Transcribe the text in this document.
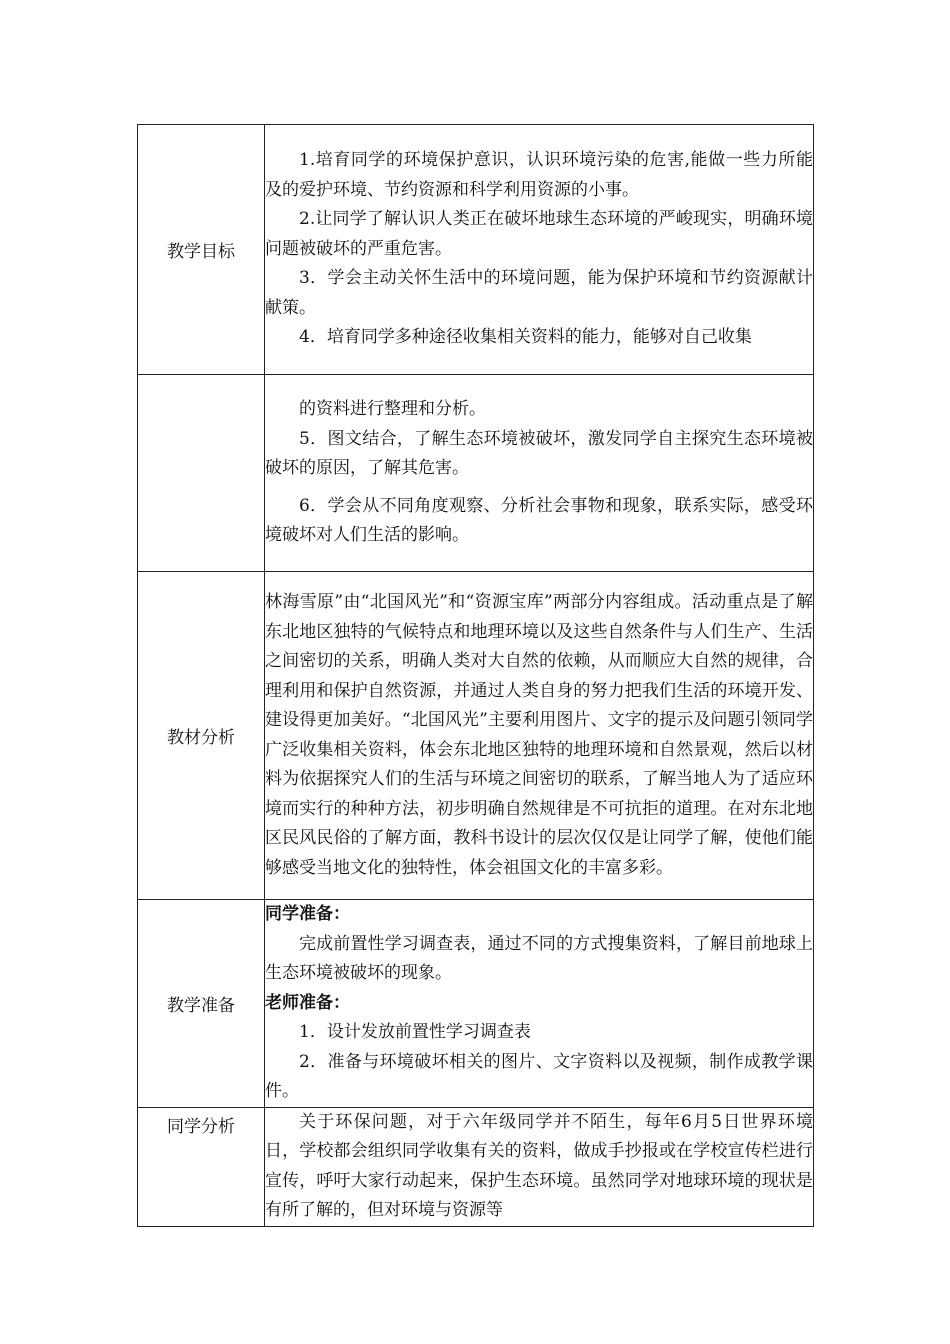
教学目标	1.培育同学的环境保护意识，认识环境污染的危害,能做一些力所能及的爱护环境、节约资源和科学利用资源的小事。

2.让同学了解认识人类正在破坏地球生态环境的严峻现实，明确环境问题被破坏的严重危害。

3．学会主动关怀生活中的环境问题，能为保护环境和节约资源献计献策。

4．培育同学多种途径收集相关资料的能力，能够对自己收集

	的资料进行整理和分析。

5．图文结合，了解生态环境被破坏，激发同学自主探究生态环境被破坏的原因，了解其危害。

6．学会从不同角度观察、分析社会事物和现象，联系实际，感受环境破坏对人们生活的影响。

教材分析	林海雪原”由“北国风光”和“资源宝库”两部分内容组成。活动重点是了解东北地区独特的气候特点和地理环境以及这些自然条件与人们生产、生活之间密切的关系，明确人类对大自然的依赖，从而顺应大自然的规律，合理利用和保护自然资源，并通过人类自身的努力把我们生活的环境开发、建设得更加美好。“北国风光”主要利用图片、文字的提示及问题引领同学广泛收集相关资料，体会东北地区独特的地理环境和自然景观，然后以材料为依据探究人们的生活与环境之间密切的联系，了解当地人为了适应环境而实行的种种方法，初步明确自然规律是不可抗拒的道理。在对东北地区民风民俗的了解方面，教科书设计的层次仅仅是让同学了解，使他们能够感受当地文化的独特性，体会祖国文化的丰富多彩。

教学准备	同学准备：

完成前置性学习调查表，通过不同的方式搜集资料，了解目前地球上生态环境被破坏的现象。

老师准备：

1．设计发放前置性学习调查表

2．准备与环境破坏相关的图片、文字资料以及视频，制作成教学课件。

同学分析	关于环保问题，对于六年级同学并不陌生，每年6月5日世界环境日，学校都会组织同学收集有关的资料，做成手抄报或在学校宣传栏进行宣传，呼吁大家行动起来，保护生态环境。虽然同学对地球环境的现状是有所了解的，但对环境与资源等
